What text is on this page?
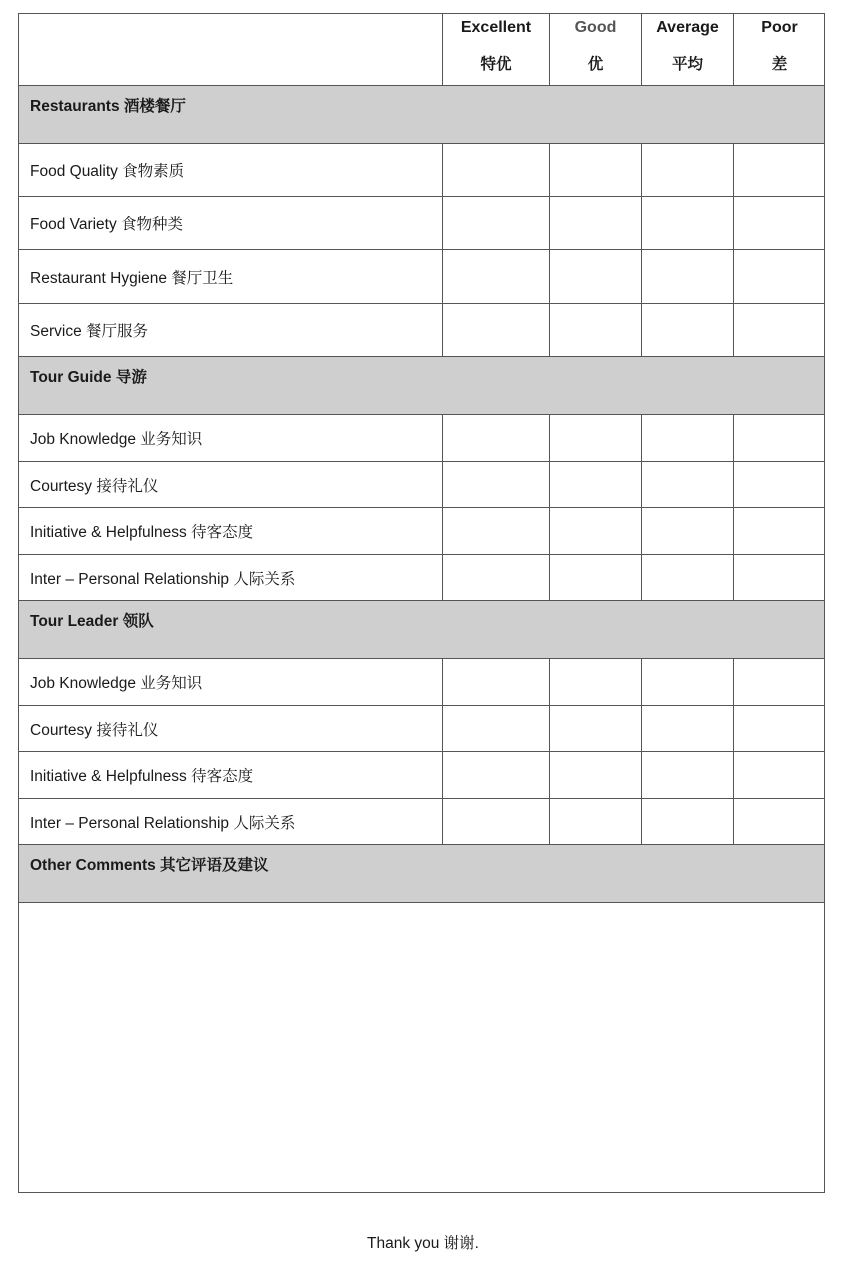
Excellent
特优
Good
优
Average
平均
Poor
差
Restaurants 酒楼餐厅
Food Quality 食物素质
Food Variety 食物种类
Restaurant Hygiene 餐厅卫生
Service 餐厅服务
Tour Guide 导游
Job Knowledge 业务知识
Courtesy 接待礼仪
Initiative & Helpfulness 待客态度
Inter – Personal Relationship 人际关系
Tour Leader 领队
Job Knowledge 业务知识
Courtesy 接待礼仪
Initiative & Helpfulness 待客态度
Inter – Personal Relationship 人际关系
Other Comments 其它评语及建议
Thank you 谢谢.
